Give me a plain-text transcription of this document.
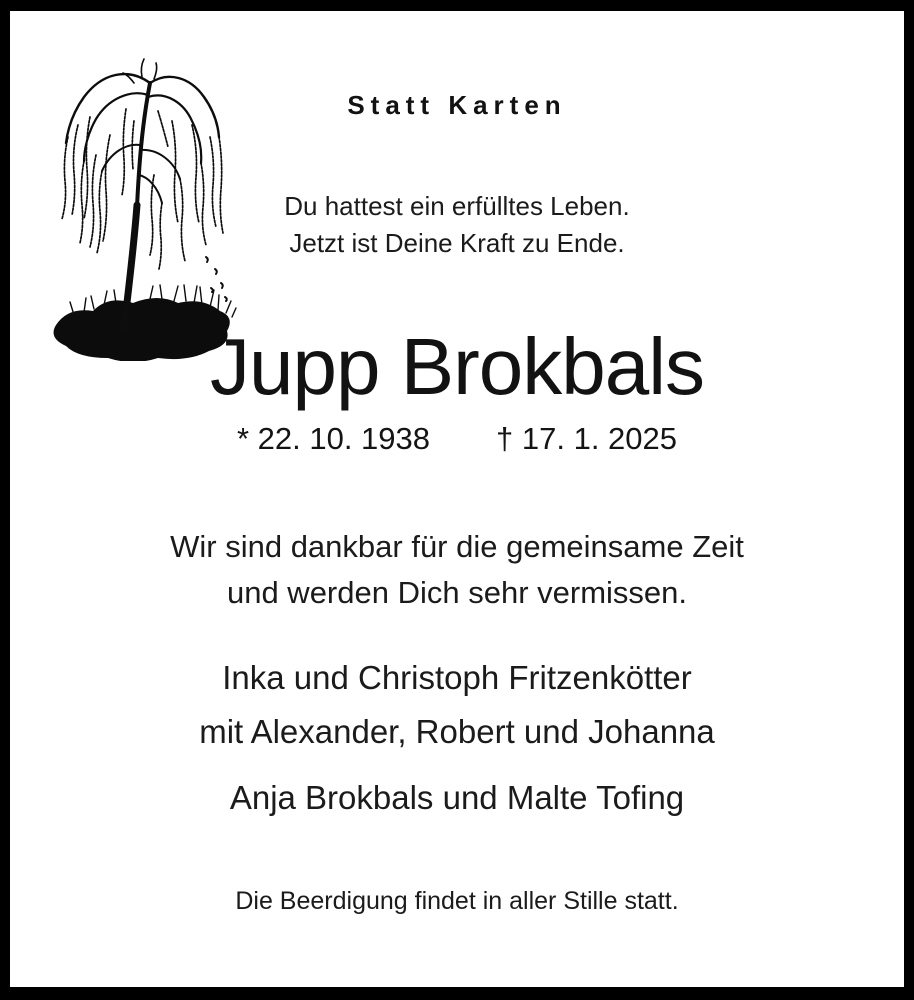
Statt Karten
Du hattest ein erfülltes Leben.
Jetzt ist Deine Kraft zu Ende.
Jupp Brokbals
* 22. 10. 1938 † 17. 1. 2025
Wir sind dankbar für die gemeinsame Zeit
und werden Dich sehr vermissen.
Inka und Christoph Fritzenkötter
mit Alexander, Robert und Johanna
Anja Brokbals und Malte Tofing
Die Beerdigung findet in aller Stille statt.
